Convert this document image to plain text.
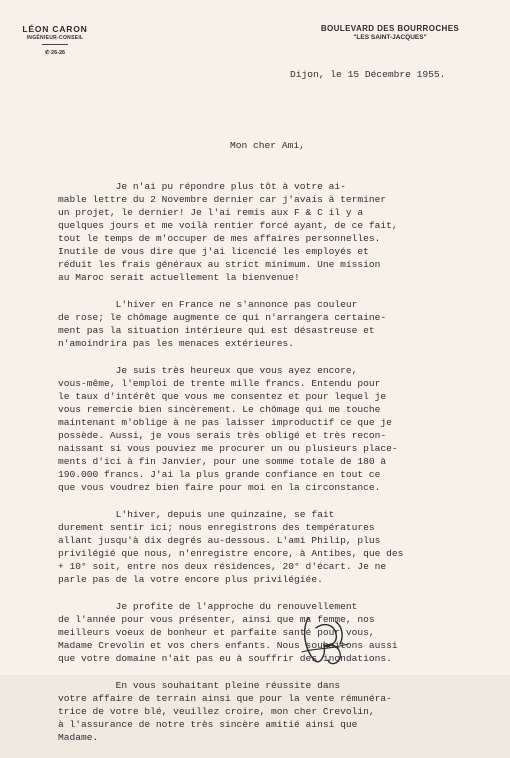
LÉON CARON
INGÉNIEUR-CONSEIL
✆ 26-26
BOULEVARD DES BOURROCHES
"LES SAINT-JACQUES"
Dijon, le 15 Décembre 1955.
Mon cher Ami,
Je n'ai pu répondre plus tôt à votre ai-
mable lettre du 2 Novembre dernier car j'avais à terminer
un projet, le dernier! Je l'ai remis aux F & C il y a
quelques jours et me voilà rentier forcé ayant, de ce fait,
tout le temps de m'occuper de mes affaires personnelles.
Inutile de vous dire que j'ai licencié les employés et
réduit les frais généraux au strict minimum. Une mission
au Maroc serait actuellement la bienvenue!
L'hiver en France ne s'annonce pas couleur
de rose; le chômage augmente ce qui n'arrangera certaine-
ment pas la situation intérieure qui est désastreuse et
n'amoindrira pas les menaces extérieures.
Je suis très heureux que vous ayez encore,
vous-même, l'emploi de trente mille francs. Entendu pour
le taux d'intérêt que vous me consentez et pour lequel je
vous remercie bien sincèrement. Le chômage qui me touche
maintenant m'oblige à ne pas laisser improductif ce que je
possède. Aussi, je vous serais très obligé et très recon-
naissant si vous pouviez me procurer un ou plusieurs place-
ments d'ici à fin Janvier, pour une somme totale de 180 à
190.000 francs. J'ai la plus grande confiance en tout ce
que vous voudrez bien faire pour moi en la circonstance.
L'hiver, depuis une quinzaine, se fait
durement sentir ici; nous enregistrons des températures
allant jusqu'à dix degrés au-dessous. L'ami Philip, plus
privilégié que nous, n'enregistre encore, à Antibes, que des
+ 10° soit, entre nos deux résidences, 20° d'écart. Je ne
parle pas de la votre encore plus privilégiée.
Je profite de l'approche du renouvellement
de l'année pour vous présenter, ainsi que ma femme, nos
meilleurs voeux de bonheur et parfaite santé pour vous,
Madame Crevolin et vos chers enfants. Nous souhaitons aussi
que votre domaine n'ait pas eu à souffrir des inondations.
En vous souhaitant pleine réussite dans
votre affaire de terrain ainsi que pour la vente rémunéra-
trice de votre blé, veuillez croire, mon cher Crevolin,
à l'assurance de notre très sincère amitié ainsi que
Madame.
